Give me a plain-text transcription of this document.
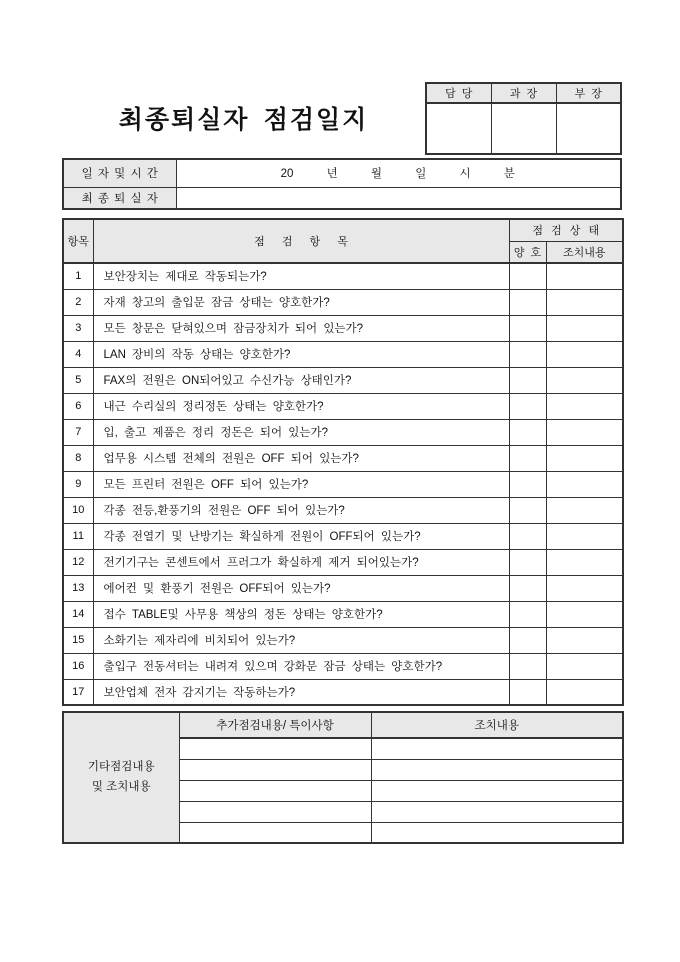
최종퇴실자 점검일지
담 당	과 장	부 장

일 자 및 시 간	20 년 월 일 시 분
최 종 퇴 실 자	
항목	점 검 항 목	점 검 상 태	
		양 호	조치내용
1	보안장치는 제대로 작동되는가?		
2	자재 창고의 출입문 잠금 상태는 양호한가?		
3	모든 창문은 닫혀있으며 잠금장치가 되어 있는가?		
4	LAN 장비의 작동 상태는 양호한가?		
5	FAX의 전원은 ON되어있고 수신가능 상태인가?		
6	내근 수리실의 정리정돈 상태는 양호한가?		
7	입, 출고 제품은 정리 정돈은 되어 있는가?		
8	업무용 시스템 전체의 전원은 OFF 되어 있는가?		
9	모든 프린터 전원은 OFF 되어 있는가?		
10	각종 전등,환풍기의 전원은 OFF 되어 있는가?		
11	각종 전열기 및 난방기는 확실하게 전원이 OFF되어 있는가?		
12	전기기구는 콘센트에서 프러그가 확실하게 제거 되어있는가?		
13	에어컨 및 환풍기 전원은 OFF되어 있는가?		
14	접수 TABLE및 사무용 책상의 정돈 상태는 양호한가?		
15	소화기는 제자리에 비치되어 있는가?		
16	출입구 전동셔터는 내려져 있으며 강화문 잠금 상태는 양호한가?		
17	보안업체 전자 감지기는 작동하는가?		
기타점검내용
및 조치내용	추가점검내용/ 특이사항	조치내용
